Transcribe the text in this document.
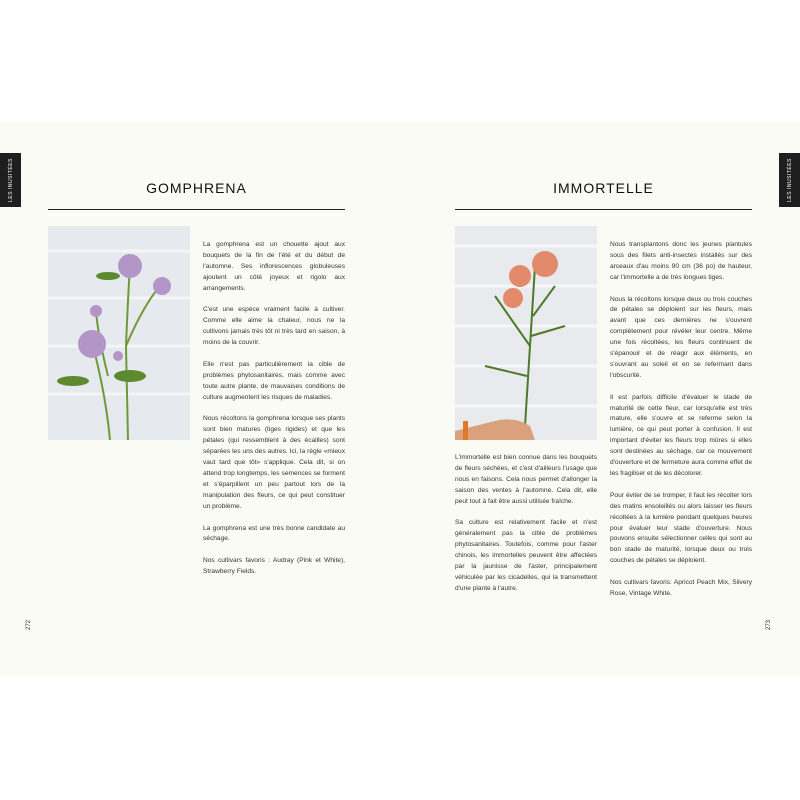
LES INUSITÉES	LES INUSITÉES
272	273
GOMPHRENA	IMMORTELLE

La gomphrena est un chouette ajout aux bouquets de la fin de l'été et du début de l'automne. Ses inflorescences globuleuses ajoutent un côté joyeux et rigolo aux arrangements.

C'est une espèce vraiment facile à cultiver. Comme elle aime la chaleur, nous ne la cultivons jamais très tôt ni très tard en saison, à moins de la couvrir.

Elle n'est pas particulièrement la cible de problèmes phytosanitaires, mais comme avec toute autre plante, de mauvaises conditions de culture augmentent les risques de maladies.

Nous récoltons la gomphrena lorsque ses plants sont bien matures (tiges rigides) et que les pétales (qui ressemblent à des écailles) sont séparées les uns des autres. Ici, la règle «mieux vaut tard que tôt» s'applique. Cela dit, si on attend trop longtemps, les semences se forment et s'éparpillent un peu partout lors de la manipulation des fleurs, ce qui peut constituer un problème.

La gomphrena est une très bonne candidate au séchage.

Nos cultivars favoris : Audray (Pink et White), Strawberry Fields.

L'immortelle est bien connue dans les bouquets de fleurs séchées, et c'est d'ailleurs l'usage que nous en faisons. Cela nous permet d'allonger la saison des ventes à l'automne. Cela dit, elle peut tout à fait être aussi utilisée fraîche.

Sa culture est relativement facile et n'est généralement pas la cible de problèmes phytosanitaires. Toutefois, comme pour l'aster chinois, les immortelles peuvent être affectées par la jaunisse de l'aster, principalement véhiculée par les cicadelles, qui la transmettent d'une plante à l'autre.

Nous transplantons donc les jeunes plantules sous des filets anti-insectes installés sur des arceaux d'au moins 90 cm (36 po) de hauteur, car l'immortelle a de très longues tiges.

Nous la récoltons lorsque deux ou trois couches de pétales se déploient sur les fleurs, mais avant que ces dernières ne s'ouvrent complètement pour révéler leur centre. Même une fois récoltées, les fleurs continuent de s'épanouir et de réagir aux éléments, en s'ouvrant au soleil et en se refermant dans l'obscurité.

Il est parfois difficile d'évaluer le stade de maturité de cette fleur, car lorsqu'elle est très mature, elle s'ouvre et se referme selon la lumière, ce qui peut porter à confusion. Il est important d'éviter les fleurs trop mûres si elles sont destinées au séchage, car ce mouvement d'ouverture et de fermeture aura comme effet de les fragiliser et de les décolorer.

Pour éviter de se tromper, il faut les récolter lors des matins ensoleillés ou alors laisser les fleurs récoltées à la lumière pendant quelques heures pour évaluer leur stade d'ouverture. Nous pouvons ensuite sélectionner celles qui sont au bon stade de maturité, lorsque deux ou trois couches de pétales se déploient.

Nos cultivars favoris: Apricot Peach Mix, Silvery Rose, Vintage White.
